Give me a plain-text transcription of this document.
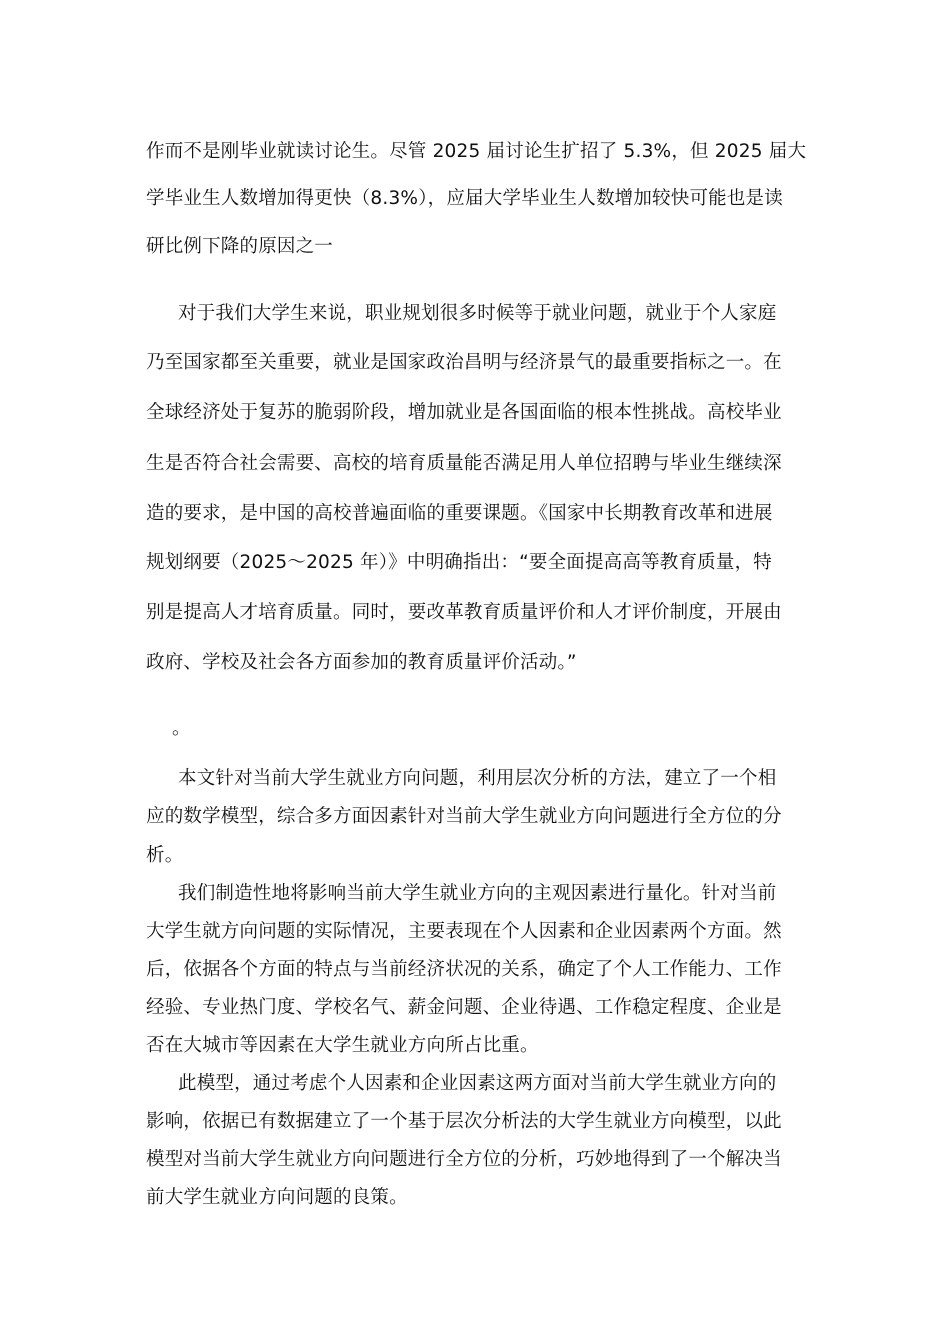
作而不是刚毕业就读讨论生。尽管 2025 届讨论生扩招了 5.3%，但 2025 届大
学毕业生人数增加得更快（8.3%），应届大学毕业生人数增加较快可能也是读
研比例下降的原因之一
对于我们大学生来说，职业规划很多时候等于就业问题，就业于个人家庭
乃至国家都至关重要，就业是国家政治昌明与经济景气的最重要指标之一。在
全球经济处于复苏的脆弱阶段，增加就业是各国面临的根本性挑战。高校毕业
生是否符合社会需要、高校的培育质量能否满足用人单位招聘与毕业生继续深
造的要求，是中国的高校普遍面临的重要课题。《国家中长期教育改革和进展
规划纲要（2025～2025 年）》中明确指出：“要全面提高高等教育质量，特
别是提高人才培育质量。同时，要改革教育质量评价和人才评价制度，开展由
政府、学校及社会各方面参加的教育质量评价活动。”
。
本文针对当前大学生就业方向问题，利用层次分析的方法，建立了一个相
应的数学模型，综合多方面因素针对当前大学生就业方向问题进行全方位的分
析。
我们制造性地将影响当前大学生就业方向的主观因素进行量化。针对当前
大学生就方向问题的实际情况，主要表现在个人因素和企业因素两个方面。然
后，依据各个方面的特点与当前经济状况的关系，确定了个人工作能力、工作
经验、专业热门度、学校名气、薪金问题、企业待遇、工作稳定程度、企业是
否在大城市等因素在大学生就业方向所占比重。
此模型，通过考虑个人因素和企业因素这两方面对当前大学生就业方向的
影响，依据已有数据建立了一个基于层次分析法的大学生就业方向模型，以此
模型对当前大学生就业方向问题进行全方位的分析，巧妙地得到了一个解决当
前大学生就业方向问题的良策。
